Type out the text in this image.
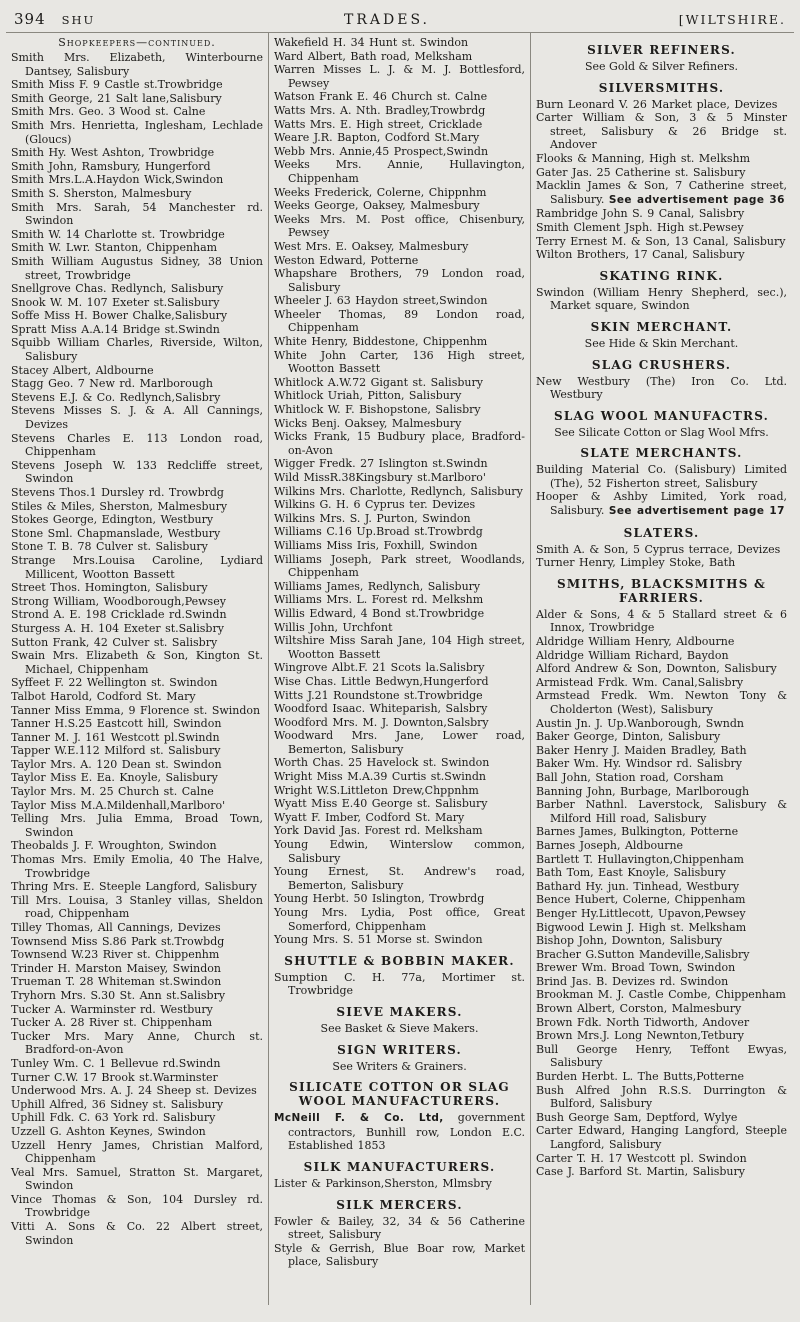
394 SHU	TRADES.	[WILTSHIRE.

Shopkeepers—continued.

Smith Mrs. Elizabeth, Winterbourne Dantsey, Salisbury

Smith Miss F. 9 Castle st.Trowbridge

Smith George, 21 Salt lane,Salisbury

Smith Mrs. Geo. 3 Wood st. Calne

Smith Mrs. Henrietta, Inglesham, Lechlade (Gloucs)

Smith Hy. West Ashton, Trowbridge

Smith John, Ramsbury, Hungerford

Smith Mrs.L.A.Haydon Wick,Swindon

Smith S. Sherston, Malmesbury

Smith Mrs. Sarah, 54 Manchester rd. Swindon

Smith W. 14 Charlotte st. Trowbridge

Smith W. Lwr. Stanton, Chippenham

Smith William Augustus Sidney, 38 Union street, Trowbridge

Snellgrove Chas. Redlynch, Salisbury

Snook W. M. 107 Exeter st.Salisbury

Soffe Miss H. Bower Chalke,Salisbury

Spratt Miss A.A.14 Bridge st.Swindn

Squibb William Charles, Riverside, Wilton, Salisbury

Stacey Albert, Aldbourne

Stagg Geo. 7 New rd. Marlborough

Stevens E.J. & Co. Redlynch,Salisbry

Stevens Misses S. J. & A. All Cannings, Devizes

Stevens Charles E. 113 London road, Chippenham

Stevens Joseph W. 133 Redcliffe street, Swindon

Stevens Thos.1 Dursley rd. Trowbrdg

Stiles & Miles, Sherston, Malmesbury

Stokes George, Edington, Westbury

Stone Sml. Chapmanslade, Westbury

Stone T. B. 78 Culver st. Salisbury

Strange Mrs.Louisa Caroline, Lydiard Millicent, Wootton Bassett

Street Thos. Homington, Salisbury

Strong William, Woodborough,Pewsey

Strond A. E. 198 Cricklade rd.Swindn

Sturgess A. H. 104 Exeter st.Salisbry

Sutton Frank, 42 Culver st. Salisbry

Swain Mrs. Elizabeth & Son, Kington St. Michael, Chippenham

Syffeet F. 22 Wellington st. Swindon

Talbot Harold, Codford St. Mary

Tanner Miss Emma, 9 Florence st. Swindon

Tanner H.S.25 Eastcott hill, Swindon

Tanner M. J. 161 Westcott pl.Swindn

Tapper W.E.112 Milford st. Salisbury

Taylor Mrs. A. 120 Dean st. Swindon

Taylor Miss E. Ea. Knoyle, Salisbury

Taylor Mrs. M. 25 Church st. Calne

Taylor Miss M.A.Mildenhall,Marlboro'

Telling Mrs. Julia Emma, Broad Town, Swindon

Theobalds J. F. Wroughton, Swindon

Thomas Mrs. Emily Emolia, 40 The Halve, Trowbridge

Thring Mrs. E. Steeple Langford, Salisbury

Till Mrs. Louisa, 3 Stanley villas, Sheldon road, Chippenham

Tilley Thomas, All Cannings, Devizes

Townsend Miss S.86 Park st.Trowbdg

Townsend W.23 River st. Chippenhm

Trinder H. Marston Maisey, Swindon

Trueman T. 28 Whiteman st.Swindon

Tryhorn Mrs. S.30 St. Ann st.Salisbry

Tucker A. Warminster rd. Westbury

Tucker A. 28 River st. Chippenham

Tucker Mrs. Mary Anne, Church st. Bradford-on-Avon

Tunley Wm. C. 1 Bellevue rd.Swindn

Turner C.W. 17 Brook st.Warminster

Underwood Mrs. A. J. 24 Sheep st. Devizes

Uphill Alfred, 36 Sidney st. Salisbury

Uphill Fdk. C. 63 York rd. Salisbury

Uzzell G. Ashton Keynes, Swindon

Uzzell Henry James, Christian Malford, Chippenham

Veal Mrs. Samuel, Stratton St. Margaret, Swindon

Vince Thomas & Son, 104 Dursley rd. Trowbridge

Vitti A. Sons & Co. 22 Albert street, Swindon

Wakefield H. 34 Hunt st. Swindon

Ward Albert, Bath road, Melksham

Warren Misses L. J. & M. J. Bottlesford, Pewsey

Watson Frank E. 46 Church st. Calne

Watts Mrs. A. Nth. Bradley,Trowbrdg

Watts Mrs. E. High street, Cricklade

Weare J.R. Bapton, Codford St.Mary

Webb Mrs. Annie,45 Prospect,Swindn

Weeks Mrs. Annie, Hullavington, Chippenham

Weeks Frederick, Colerne, Chippnhm

Weeks George, Oaksey, Malmesbury

Weeks Mrs. M. Post office, Chisenbury, Pewsey

West Mrs. E. Oaksey, Malmesbury

Weston Edward, Potterne

Whapshare Brothers, 79 London road, Salisbury

Wheeler J. 63 Haydon street,Swindon

Wheeler Thomas, 89 London road, Chippenham

White Henry, Biddestone, Chippenhm

White John Carter, 136 High street, Wootton Bassett

Whitlock A.W.72 Gigant st. Salisbury

Whitlock Uriah, Pitton, Salisbury

Whitlock W. F. Bishopstone, Salisbry

Wicks Benj. Oaksey, Malmesbury

Wicks Frank, 15 Budbury place, Bradford-on-Avon

Wigger Fredk. 27 Islington st.Swindn

Wild MissR.38Kingsbury st.Marlboro'

Wilkins Mrs. Charlotte, Redlynch, Salisbury

Wilkins G. H. 6 Cyprus ter. Devizes

Wilkins Mrs. S. J. Purton, Swindon

Williams C.16 Up.Broad st.Trowbrdg

Williams Miss Iris, Foxhill, Swindon

Williams Joseph, Park street, Woodlands, Chippenham

Williams James, Redlynch, Salisbury

Williams Mrs. L. Forest rd. Melkshm

Willis Edward, 4 Bond st.Trowbridge

Willis John, Urchfont

Wiltshire Miss Sarah Jane, 104 High street, Wootton Bassett

Wingrove Albt.F. 21 Scots la.Salisbry

Wise Chas. Little Bedwyn,Hungerford

Witts J.21 Roundstone st.Trowbridge

Woodford Isaac. Whiteparish, Salsbry

Woodford Mrs. M. J. Downton,Salsbry

Woodward Mrs. Jane, Lower road, Bemerton, Salisbury

Worth Chas. 25 Havelock st. Swindon

Wright Miss M.A.39 Curtis st.Swindn

Wright W.S.Littleton Drew,Chppnhm

Wyatt Miss E.40 George st. Salisbury

Wyatt F. Imber, Codford St. Mary

York David Jas. Forest rd. Melksham

Young Edwin, Winterslow common, Salisbury

Young Ernest, St. Andrew's road, Bemerton, Salisbury

Young Herbt. 50 Islington, Trowbrdg

Young Mrs. Lydia, Post office, Great Somerford, Chippenham

Young Mrs. S. 51 Morse st. Swindon

SHUTTLE & BOBBIN MAKER.

Sumption C. H. 77a, Mortimer st. Trowbridge

SIEVE MAKERS.

See Basket & Sieve Makers.

SIGN WRITERS.

See Writers & Grainers.

SILICATE COTTON OR SLAG WOOL MANUFACTURERS.

McNeill F. & Co. Ltd, government contractors, Bunhill row, London E.C. Established 1853

SILK MANUFACTURERS.

Lister & Parkinson,Sherston, Mlmsbry

SILK MERCERS.

Fowler & Bailey, 32, 34 & 56 Catherine street, Salisbury

Style & Gerrish, Blue Boar row, Market place, Salisbury

SILVER REFINERS.

See Gold & Silver Refiners.

SILVERSMITHS.

Burn Leonard V. 26 Market place, Devizes

Carter William & Son, 3 & 5 Minster street, Salisbury & 26 Bridge st. Andover

Flooks & Manning, High st. Melkshm

Gater Jas. 25 Catherine st. Salisbury

Macklin James & Son, 7 Catherine street, Salisbury. See advertisement page 36

Rambridge John S. 9 Canal, Salisbry

Smith Clement Jsph. High st.Pewsey

Terry Ernest M. & Son, 13 Canal, Salisbury

Wilton Brothers, 17 Canal, Salisbury

SKATING RINK.

Swindon (William Henry Shepherd, sec.), Market square, Swindon

SKIN MERCHANT.

See Hide & Skin Merchant.

SLAG CRUSHERS.

New Westbury (The) Iron Co. Ltd. Westbury

SLAG WOOL MANUFACTRS.

See Silicate Cotton or Slag Wool Mfrs.

SLATE MERCHANTS.

Building Material Co. (Salisbury) Limited (The), 52 Fisherton street, Salisbury

Hooper & Ashby Limited, York road, Salisbury. See advertisement page 17

SLATERS.

Smith A. & Son, 5 Cyprus terrace, Devizes

Turner Henry, Limpley Stoke, Bath

SMITHS, BLACKSMITHS & FARRIERS.

Alder & Sons, 4 & 5 Stallard street & 6 Innox, Trowbridge

Aldridge William Henry, Aldbourne

Aldridge William Richard, Baydon

Alford Andrew & Son, Downton, Salisbury

Armistead Frdk. Wm. Canal,Salisbry

Armstead Fredk. Wm. Newton Tony & Cholderton (West), Salisbury

Austin Jn. J. Up.Wanborough, Swndn

Baker George, Dinton, Salisbury

Baker Henry J. Maiden Bradley, Bath

Baker Wm. Hy. Windsor rd. Salisbry

Ball John, Station road, Corsham

Banning John, Burbage, Marlborough

Barber Nathnl. Laverstock, Salisbury & Milford Hill road, Salisbury

Barnes James, Bulkington, Potterne

Barnes Joseph, Aldbourne

Bartlett T. Hullavington,Chippenham

Bath Tom, East Knoyle, Salisbury

Bathard Hy. jun. Tinhead, Westbury

Bence Hubert, Colerne, Chippenham

Benger Hy.Littlecott, Upavon,Pewsey

Bigwood Lewin J. High st. Melksham

Bishop John, Downton, Salisbury

Bracher G.Sutton Mandeville,Salisbry

Brewer Wm. Broad Town, Swindon

Brind Jas. B. Devizes rd. Swindon

Brookman M. J. Castle Combe, Chippenham

Brown Albert, Corston, Malmesbury

Brown Fdk. North Tidworth, Andover

Brown Mrs.J. Long Newnton,Tetbury

Bull George Henry, Teffont Ewyas, Salisbury

Burden Herbt. L. The Butts,Potterne

Bush Alfred John R.S.S. Durrington & Bulford, Salisbury

Bush George Sam, Deptford, Wylye

Carter Edward, Hanging Langford, Steeple Langford, Salisbury

Carter T. H. 17 Westcott pl. Swindon

Case J. Barford St. Martin, Salisbury
